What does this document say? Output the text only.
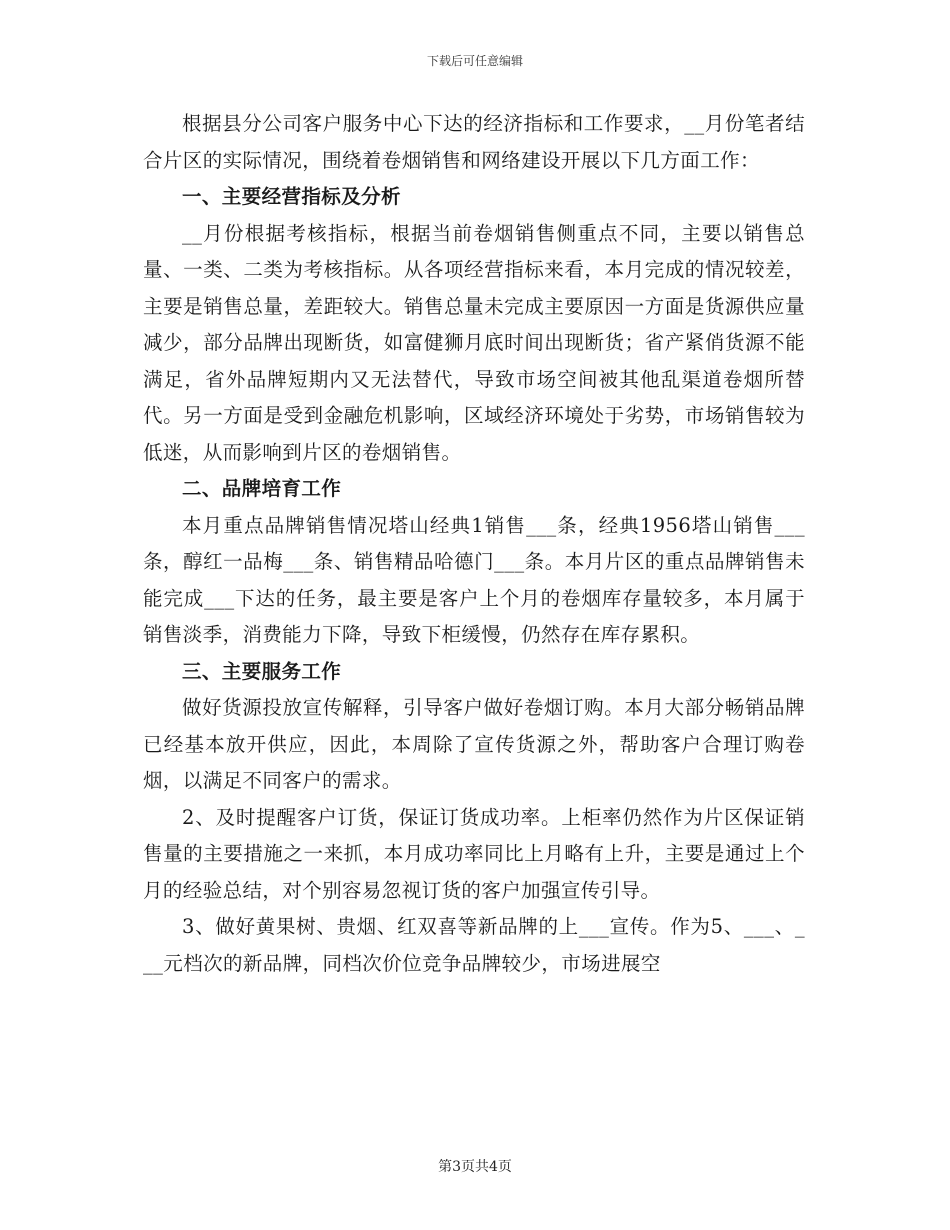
下载后可任意编辑

根据县分公司客户服务中心下达的经济指标和工作要求，__月份笔者结合片区的实际情况，围绕着卷烟销售和网络建设开展以下几方面工作：

一、主要经营指标及分析

__月份根据考核指标，根据当前卷烟销售侧重点不同，主要以销售总量、一类、二类为考核指标。从各项经营指标来看，本月完成的情况较差，主要是销售总量，差距较大。销售总量未完成主要原因一方面是货源供应量减少，部分品牌出现断货，如富健狮月底时间出现断货；省产紧俏货源不能满足，省外品牌短期内又无法替代，导致市场空间被其他乱渠道卷烟所替代。另一方面是受到金融危机影响，区域经济环境处于劣势，市场销售较为低迷，从而影响到片区的卷烟销售。

二、品牌培育工作

本月重点品牌销售情况塔山经典1销售___条，经典1956塔山销售___条，醇红一品梅___条、销售精品哈德门___条。本月片区的重点品牌销售未能完成___下达的任务，最主要是客户上个月的卷烟库存量较多，本月属于销售淡季，消费能力下降，导致下柜缓慢，仍然存在库存累积。

三、主要服务工作

做好货源投放宣传解释，引导客户做好卷烟订购。本月大部分畅销品牌已经基本放开供应，因此，本周除了宣传货源之外，帮助客户合理订购卷烟，以满足不同客户的需求。

2、及时提醒客户订货，保证订货成功率。上柜率仍然作为片区保证销售量的主要措施之一来抓，本月成功率同比上月略有上升，主要是通过上个月的经验总结，对个别容易忽视订货的客户加强宣传引导。

3、做好黄果树、贵烟、红双喜等新品牌的上___宣传。作为5、___、___元档次的新品牌，同档次价位竞争品牌较少，市场进展空

第3页共4页
